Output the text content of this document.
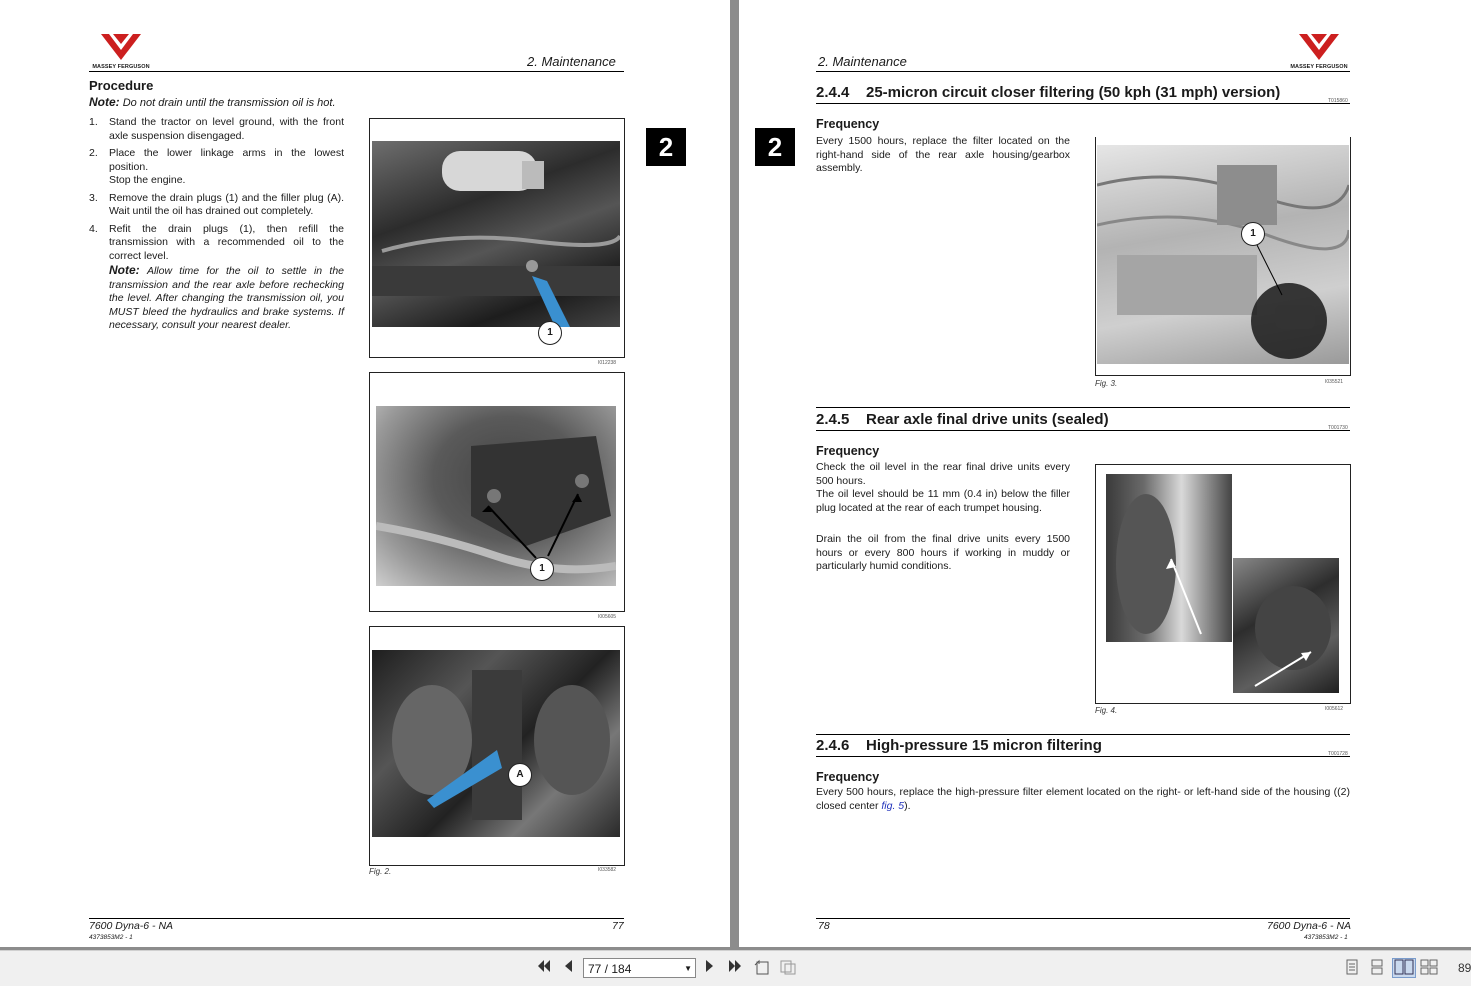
MASSEY FERGUSON	2. Maintenance
Procedure
Note: Do not drain until the transmission oil is hot.
1. Stand the tractor on level ground, with the front axle suspension disengaged.
2. Place the lower linkage arms in the lowest position.
Stop the engine.
3. Remove the drain plugs (1) and the filler plug (A). Wait until the oil has drained out completely.
4. Refit the drain plugs (1), then refill the transmission with a recommended oil to the correct level.
Note: Allow time for the oil to settle in the transmission and the rear axle before rechecking the level. After changing the transmission oil, you MUST bleed the hydraulics and brake systems. If necessary, consult your nearest dealer.
1
I012238
1
I005605
A
Fig. 2.	I033582
2
7600 Dyna-6 - NA
4373853M2 - 1
77
2. Maintenance	MASSEY FERGUSON
2
2.4.4 25-micron circuit closer filtering (50 kph (31 mph) version)	T015860
Frequency
Every 1500 hours, replace the filter located on the right-hand side of the rear axle housing/gearbox assembly.
1
Fig. 3.	I035521
2.4.5 Rear axle final drive units (sealed)	T001730
Frequency
Check the oil level in the rear final drive units every 500 hours.
The oil level should be 11 mm (0.4 in) below the filler plug located at the rear of each trumpet housing.
Drain the oil from the final drive units every 1500 hours or every 800 hours if working in muddy or particularly humid conditions.
Fig. 4.	I005612
2.4.6 High-pressure 15 micron filtering	T001728
Frequency
Every 500 hours, replace the high-pressure filter element located on the right- or left-hand side of the housing ((2) closed center fig. 5).
78	7600 Dyna-6 - NA
4373853M2 - 1
77 / 184	▼	89
